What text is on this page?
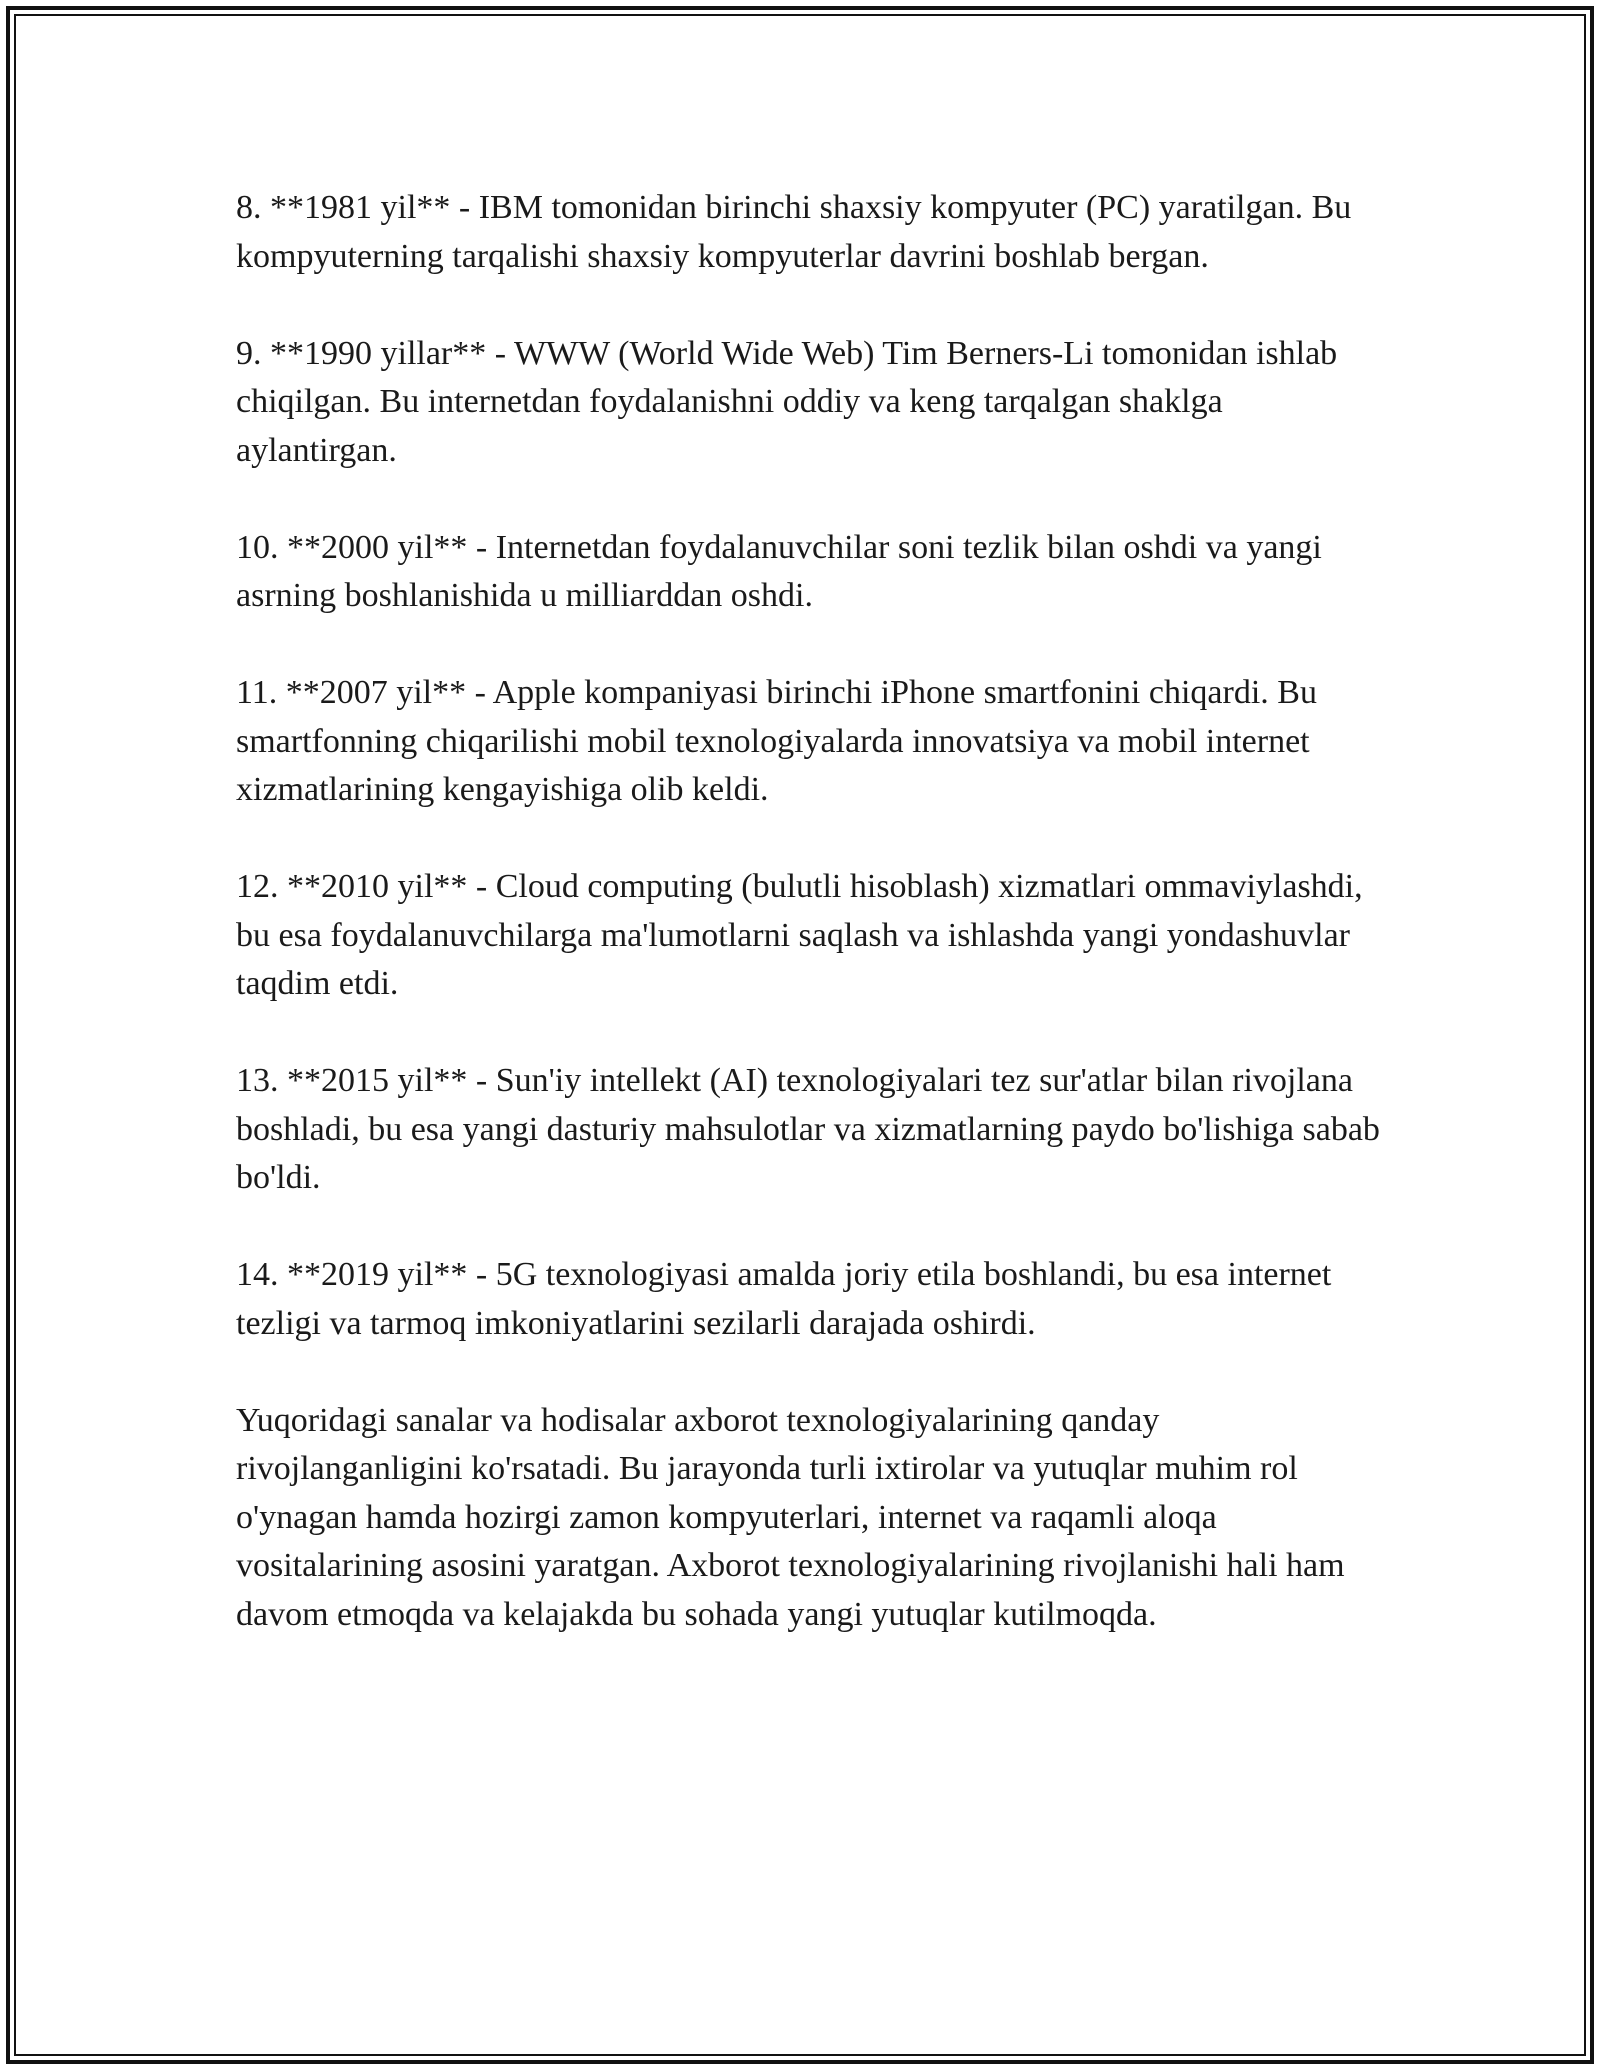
8. **1981 yil** - IBM tomonidan birinchi shaxsiy kompyuter (PC) yaratilgan. Bu kompyuterning tarqalishi shaxsiy kompyuterlar davrini boshlab bergan.

9. **1990 yillar** - WWW (World Wide Web) Tim Berners-Li tomonidan ishlab chiqilgan. Bu internetdan foydalanishni oddiy va keng tarqalgan shaklga aylantirgan.

10. **2000 yil** - Internetdan foydalanuvchilar soni tezlik bilan oshdi va yangi asrning boshlanishida u milliarddan oshdi.

11. **2007 yil** - Apple kompaniyasi birinchi iPhone smartfonini chiqardi. Bu smartfonning chiqarilishi mobil texnologiyalarda innovatsiya va mobil internet xizmatlarining kengayishiga olib keldi.

12. **2010 yil** - Cloud computing (bulutli hisoblash) xizmatlari ommaviylashdi, bu esa foydalanuvchilarga ma'lumotlarni saqlash va ishlashda yangi yondashuvlar taqdim etdi.

13. **2015 yil** - Sun'iy intellekt (AI) texnologiyalari tez sur'atlar bilan rivojlana boshladi, bu esa yangi dasturiy mahsulotlar va xizmatlarning paydo bo'lishiga sabab bo'ldi.

14. **2019 yil** - 5G texnologiyasi amalda joriy etila boshlandi, bu esa internet tezligi va tarmoq imkoniyatlarini sezilarli darajada oshirdi.

Yuqoridagi sanalar va hodisalar axborot texnologiyalarining qanday rivojlanganligini ko'rsatadi. Bu jarayonda turli ixtirolar va yutuqlar muhim rol o'ynagan hamda hozirgi zamon kompyuterlari, internet va raqamli aloqa vositalarining asosini yaratgan. Axborot texnologiyalarining rivojlanishi hali ham davom etmoqda va kelajakda bu sohada yangi yutuqlar kutilmoqda.
